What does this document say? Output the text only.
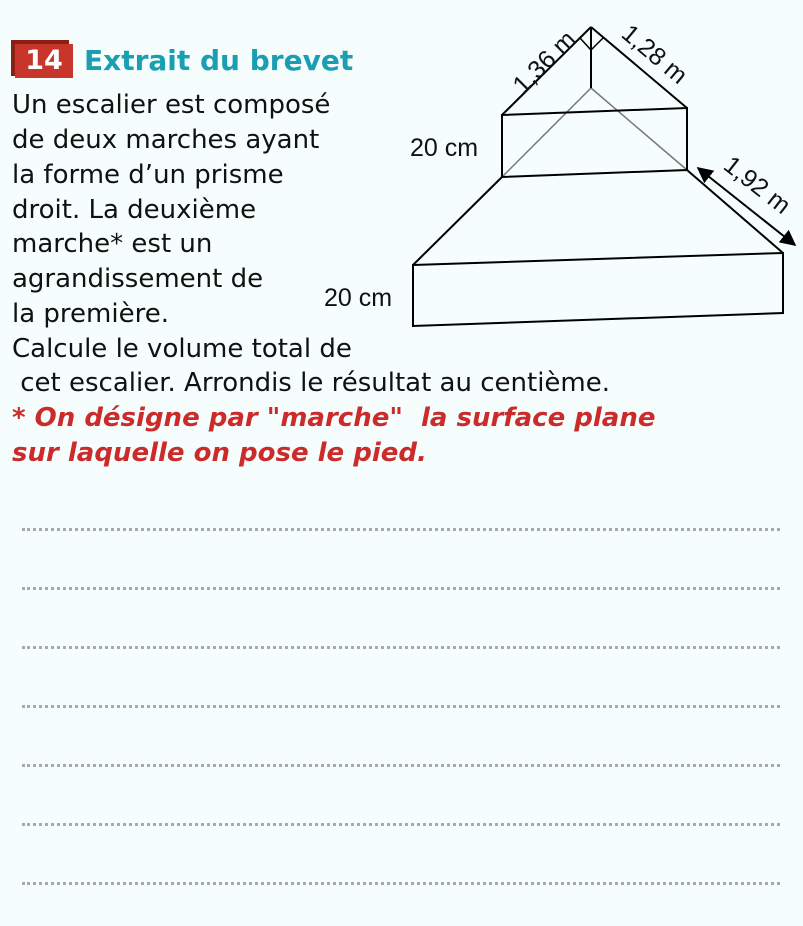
14 Extrait du brevet

Un escalier est composé

de deux marches ayant

la forme d’un prisme

droit. La deuxième

marche* est un

agrandissement de

la première.

Calcule le volume total de

cet escalier. Arrondis le résultat au centième.

* On désigne par "marche"  la surface plane

sur laquelle on pose le pied.

1,36 m 1,28 m
20 cm
20 cm
1,92 m
